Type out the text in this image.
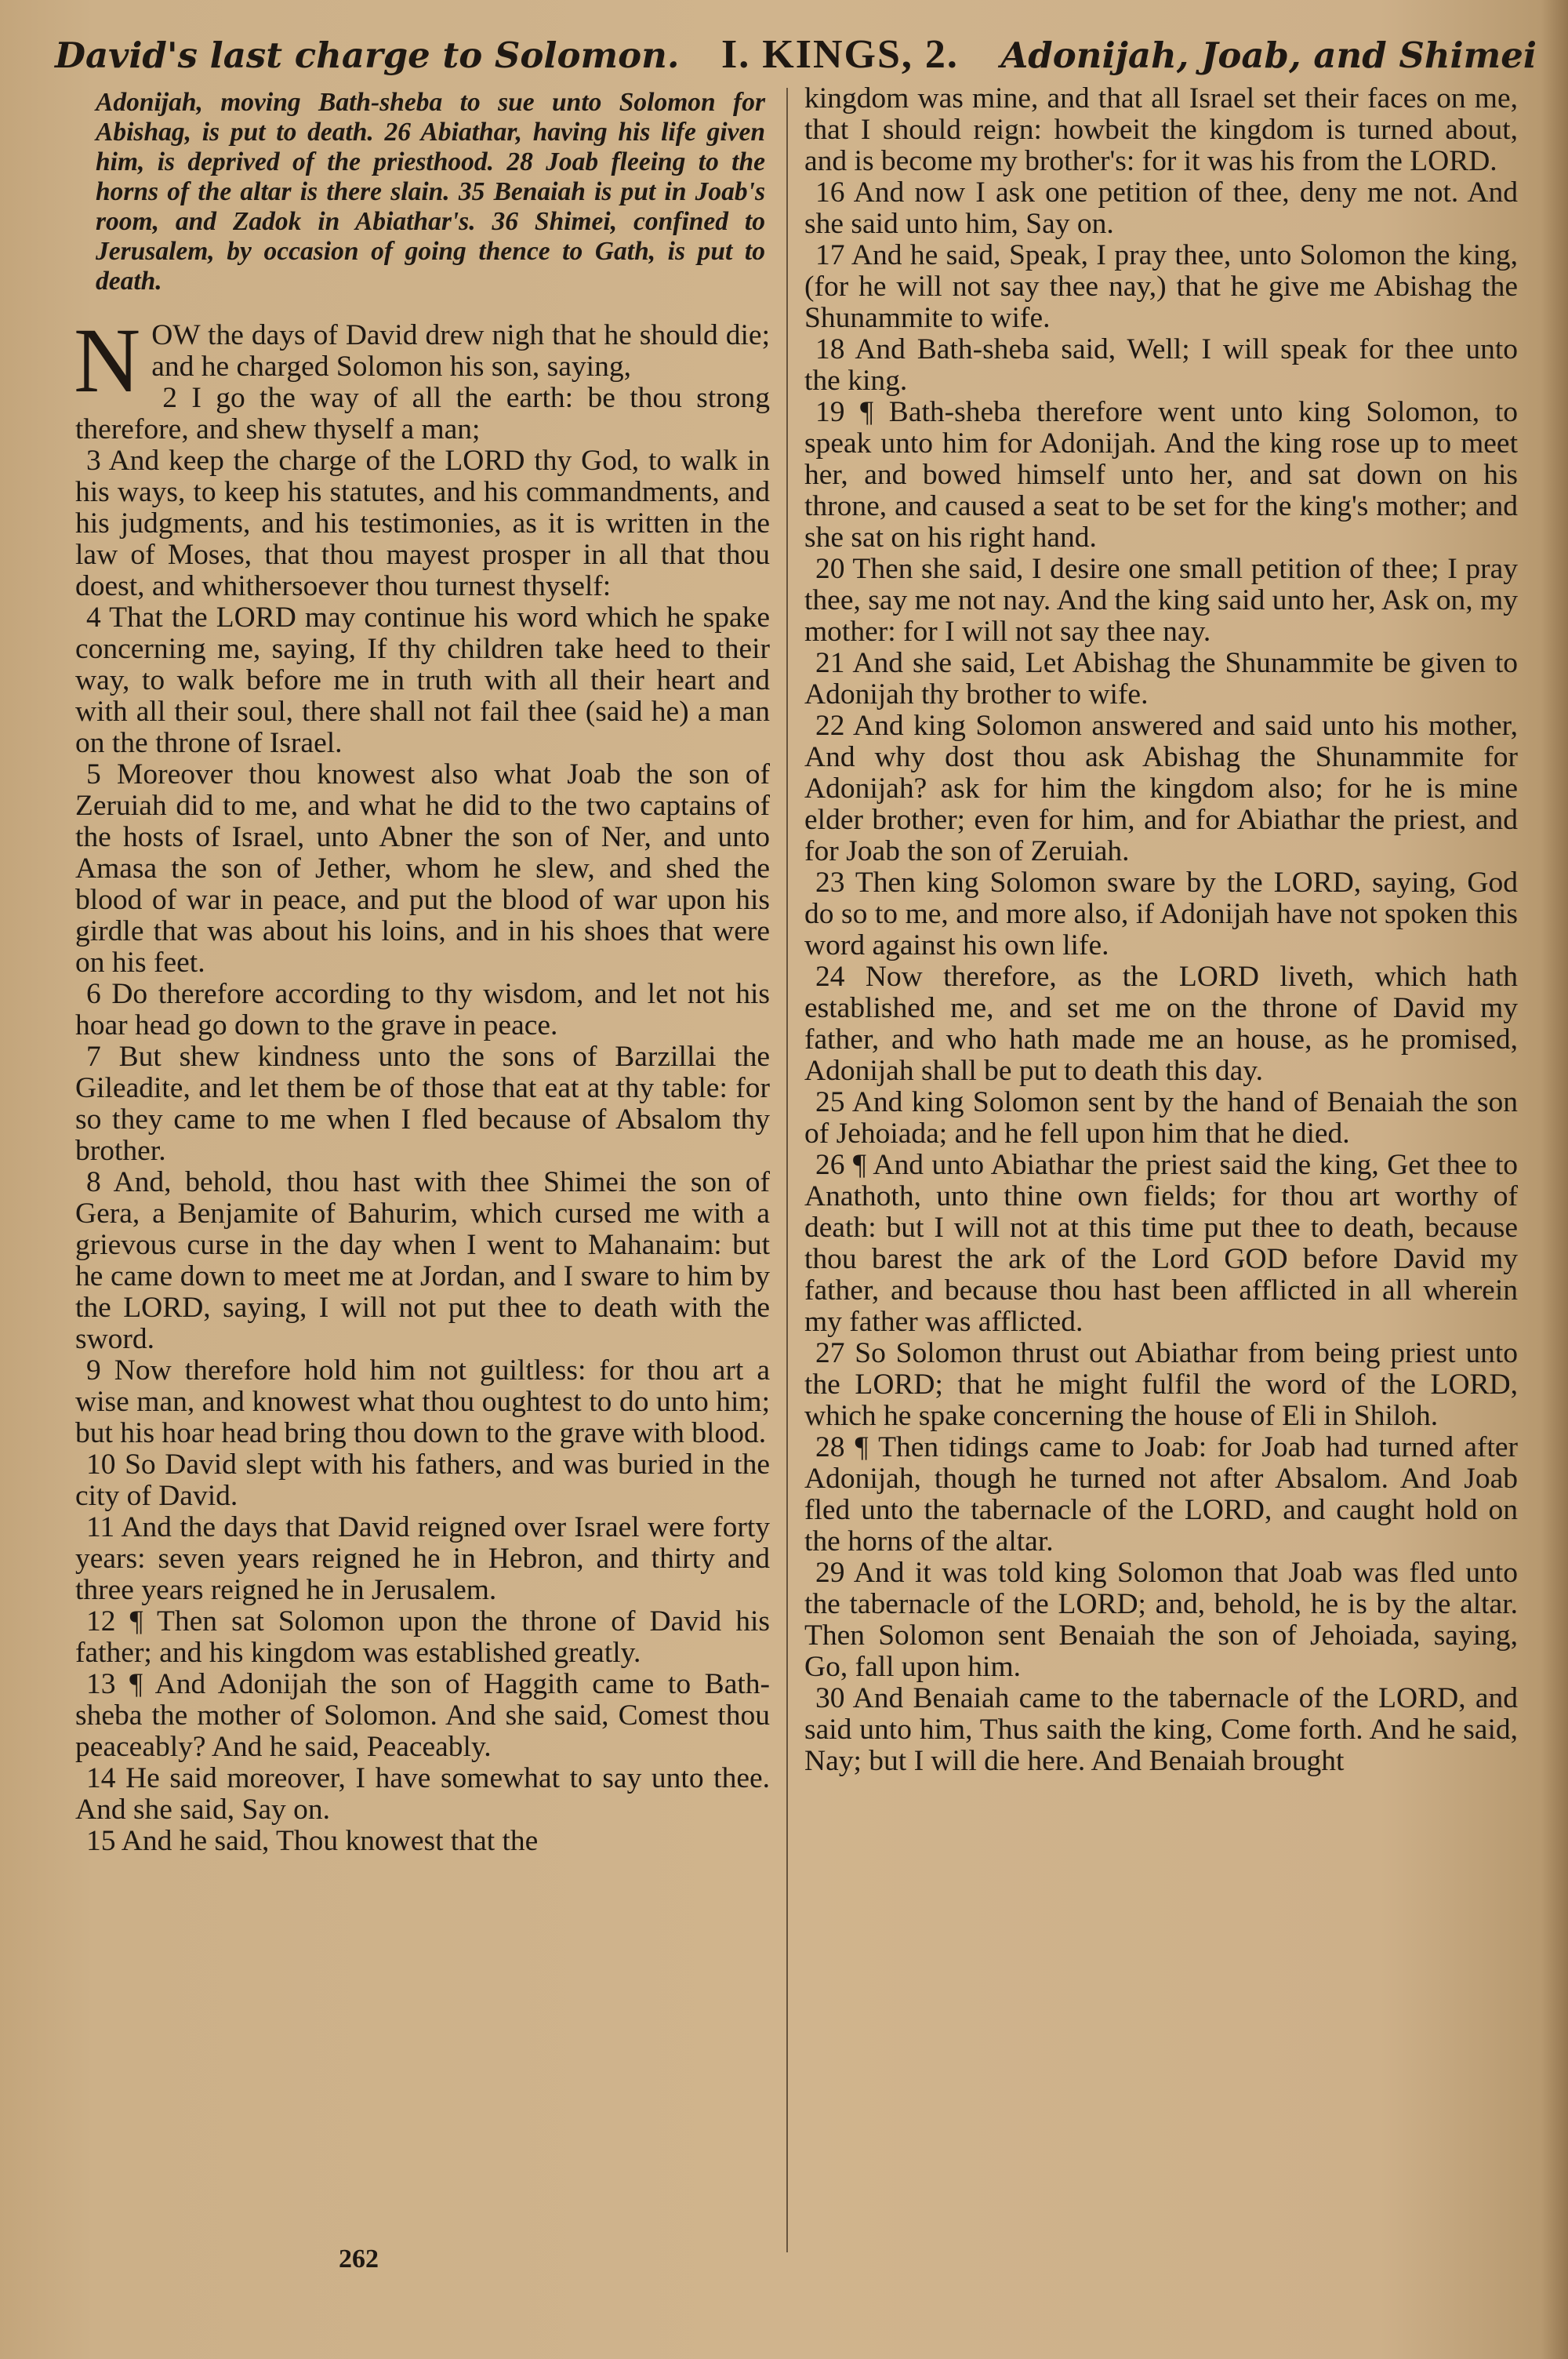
David's last charge to Solomon. I. KINGS, 2. Adonijah, Joab, and Shimei

Adonijah, moving Bath-sheba to sue unto Solomon for Abishag, is put to death. 26 Abiathar, having his life given him, is deprived of the priesthood. 28 Joab fleeing to the horns of the altar is there slain. 35 Benaiah is put in Joab's room, and Zadok in Abiathar's. 36 Shimei, confined to Jerusalem, by occasion of going thence to Gath, is put to death.

NOW the days of David drew nigh that he should die; and he charged Solomon his son, saying,

2 I go the way of all the earth: be thou strong therefore, and shew thyself a man;

3 And keep the charge of the LORD thy God, to walk in his ways, to keep his statutes, and his commandments, and his judgments, and his testimonies, as it is written in the law of Moses, that thou mayest prosper in all that thou doest, and whithersoever thou turnest thyself:

4 That the LORD may continue his word which he spake concerning me, saying, If thy children take heed to their way, to walk before me in truth with all their heart and with all their soul, there shall not fail thee (said he) a man on the throne of Israel.

5 Moreover thou knowest also what Joab the son of Zeruiah did to me, and what he did to the two captains of the hosts of Israel, unto Abner the son of Ner, and unto Amasa the son of Jether, whom he slew, and shed the blood of war in peace, and put the blood of war upon his girdle that was about his loins, and in his shoes that were on his feet.

6 Do therefore according to thy wisdom, and let not his hoar head go down to the grave in peace.

7 But shew kindness unto the sons of Barzillai the Gileadite, and let them be of those that eat at thy table: for so they came to me when I fled because of Absalom thy brother.

8 And, behold, thou hast with thee Shimei the son of Gera, a Benjamite of Bahurim, which cursed me with a grievous curse in the day when I went to Mahanaim: but he came down to meet me at Jordan, and I sware to him by the LORD, saying, I will not put thee to death with the sword.

9 Now therefore hold him not guiltless: for thou art a wise man, and knowest what thou oughtest to do unto him; but his hoar head bring thou down to the grave with blood.

10 So David slept with his fathers, and was buried in the city of David.

11 And the days that David reigned over Israel were forty years: seven years reigned he in Hebron, and thirty and three years reigned he in Jerusalem.

12 ¶ Then sat Solomon upon the throne of David his father; and his kingdom was established greatly.

13 ¶ And Adonijah the son of Haggith came to Bath-sheba the mother of Solomon. And she said, Comest thou peaceably? And he said, Peaceably.

14 He said moreover, I have somewhat to say unto thee. And she said, Say on.

15 And he said, Thou knowest that the

kingdom was mine, and that all Israel set their faces on me, that I should reign: howbeit the kingdom is turned about, and is become my brother's: for it was his from the LORD.

16 And now I ask one petition of thee, deny me not. And she said unto him, Say on.

17 And he said, Speak, I pray thee, unto Solomon the king, (for he will not say thee nay,) that he give me Abishag the Shunammite to wife.

18 And Bath-sheba said, Well; I will speak for thee unto the king.

19 ¶ Bath-sheba therefore went unto king Solomon, to speak unto him for Adonijah. And the king rose up to meet her, and bowed himself unto her, and sat down on his throne, and caused a seat to be set for the king's mother; and she sat on his right hand.

20 Then she said, I desire one small petition of thee; I pray thee, say me not nay. And the king said unto her, Ask on, my mother: for I will not say thee nay.

21 And she said, Let Abishag the Shunammite be given to Adonijah thy brother to wife.

22 And king Solomon answered and said unto his mother, And why dost thou ask Abishag the Shunammite for Adonijah? ask for him the kingdom also; for he is mine elder brother; even for him, and for Abiathar the priest, and for Joab the son of Zeruiah.

23 Then king Solomon sware by the LORD, saying, God do so to me, and more also, if Adonijah have not spoken this word against his own life.

24 Now therefore, as the LORD liveth, which hath established me, and set me on the throne of David my father, and who hath made me an house, as he promised, Adonijah shall be put to death this day.

25 And king Solomon sent by the hand of Benaiah the son of Jehoiada; and he fell upon him that he died.

26 ¶ And unto Abiathar the priest said the king, Get thee to Anathoth, unto thine own fields; for thou art worthy of death: but I will not at this time put thee to death, because thou barest the ark of the Lord GOD before David my father, and because thou hast been afflicted in all wherein my father was afflicted.

27 So Solomon thrust out Abiathar from being priest unto the LORD; that he might fulfil the word of the LORD, which he spake concerning the house of Eli in Shiloh.

28 ¶ Then tidings came to Joab: for Joab had turned after Adonijah, though he turned not after Absalom. And Joab fled unto the tabernacle of the LORD, and caught hold on the horns of the altar.

29 And it was told king Solomon that Joab was fled unto the tabernacle of the LORD; and, behold, he is by the altar. Then Solomon sent Benaiah the son of Jehoiada, saying, Go, fall upon him.

30 And Benaiah came to the tabernacle of the LORD, and said unto him, Thus saith the king, Come forth. And he said, Nay; but I will die here. And Benaiah brought

262
